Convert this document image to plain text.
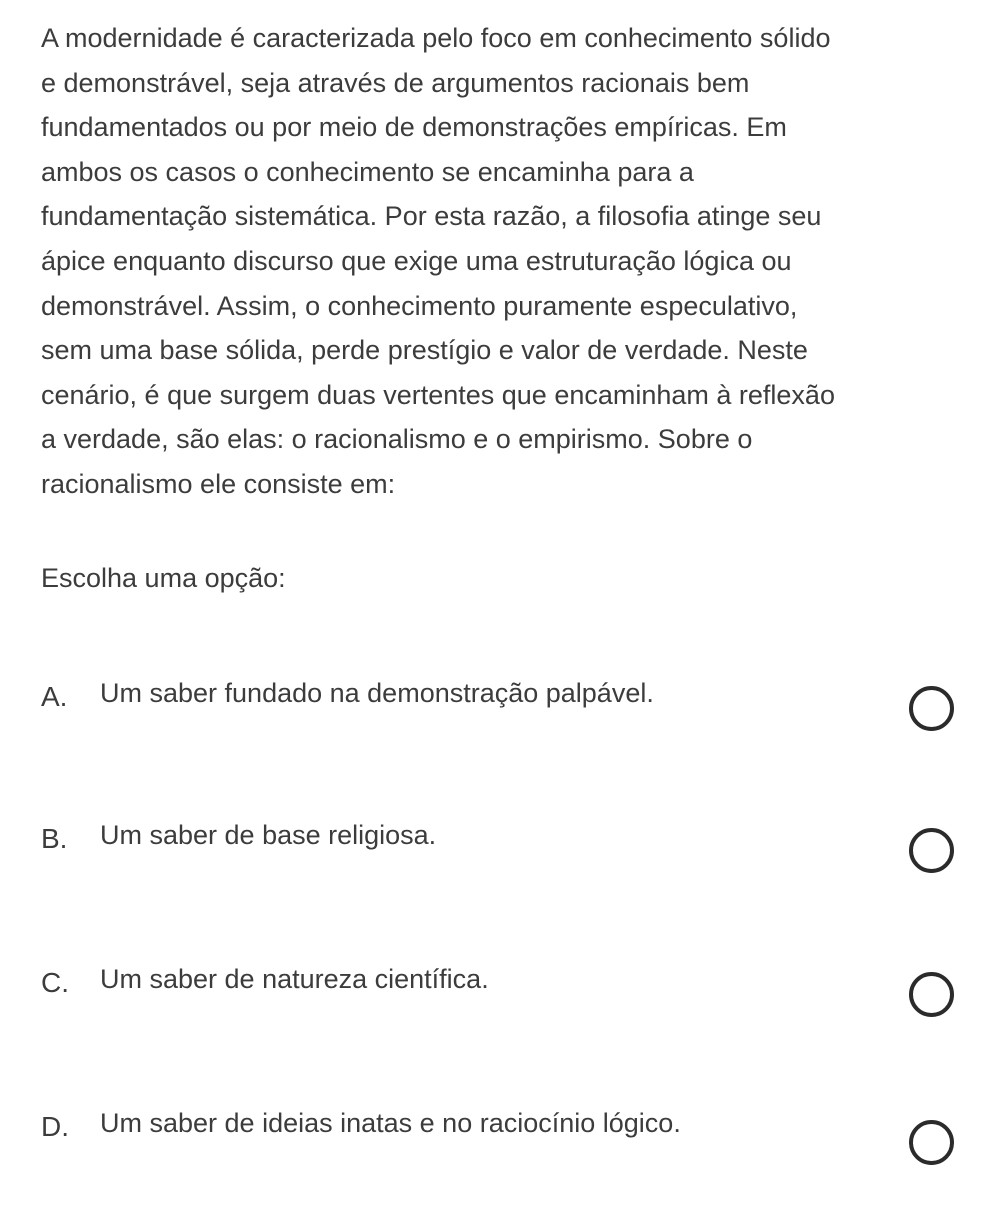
A modernidade é caracterizada pelo foco em conhecimento sólido
e demonstrável, seja através de argumentos racionais bem
fundamentados ou por meio de demonstrações empíricas. Em
ambos os casos o conhecimento se encaminha para a
fundamentação sistemática. Por esta razão, a filosofia atinge seu
ápice enquanto discurso que exige uma estruturação lógica ou
demonstrável. Assim, o conhecimento puramente especulativo,
sem uma base sólida, perde prestígio e valor de verdade. Neste
cenário, é que surgem duas vertentes que encaminham à reflexão
a verdade, são elas: o racionalismo e o empirismo. Sobre o
racionalismo ele consiste em:

Escolha uma opção:

A. Um saber fundado na demonstração palpável.
B. Um saber de base religiosa.
C. Um saber de natureza científica.
D. Um saber de ideias inatas e no raciocínio lógico.
